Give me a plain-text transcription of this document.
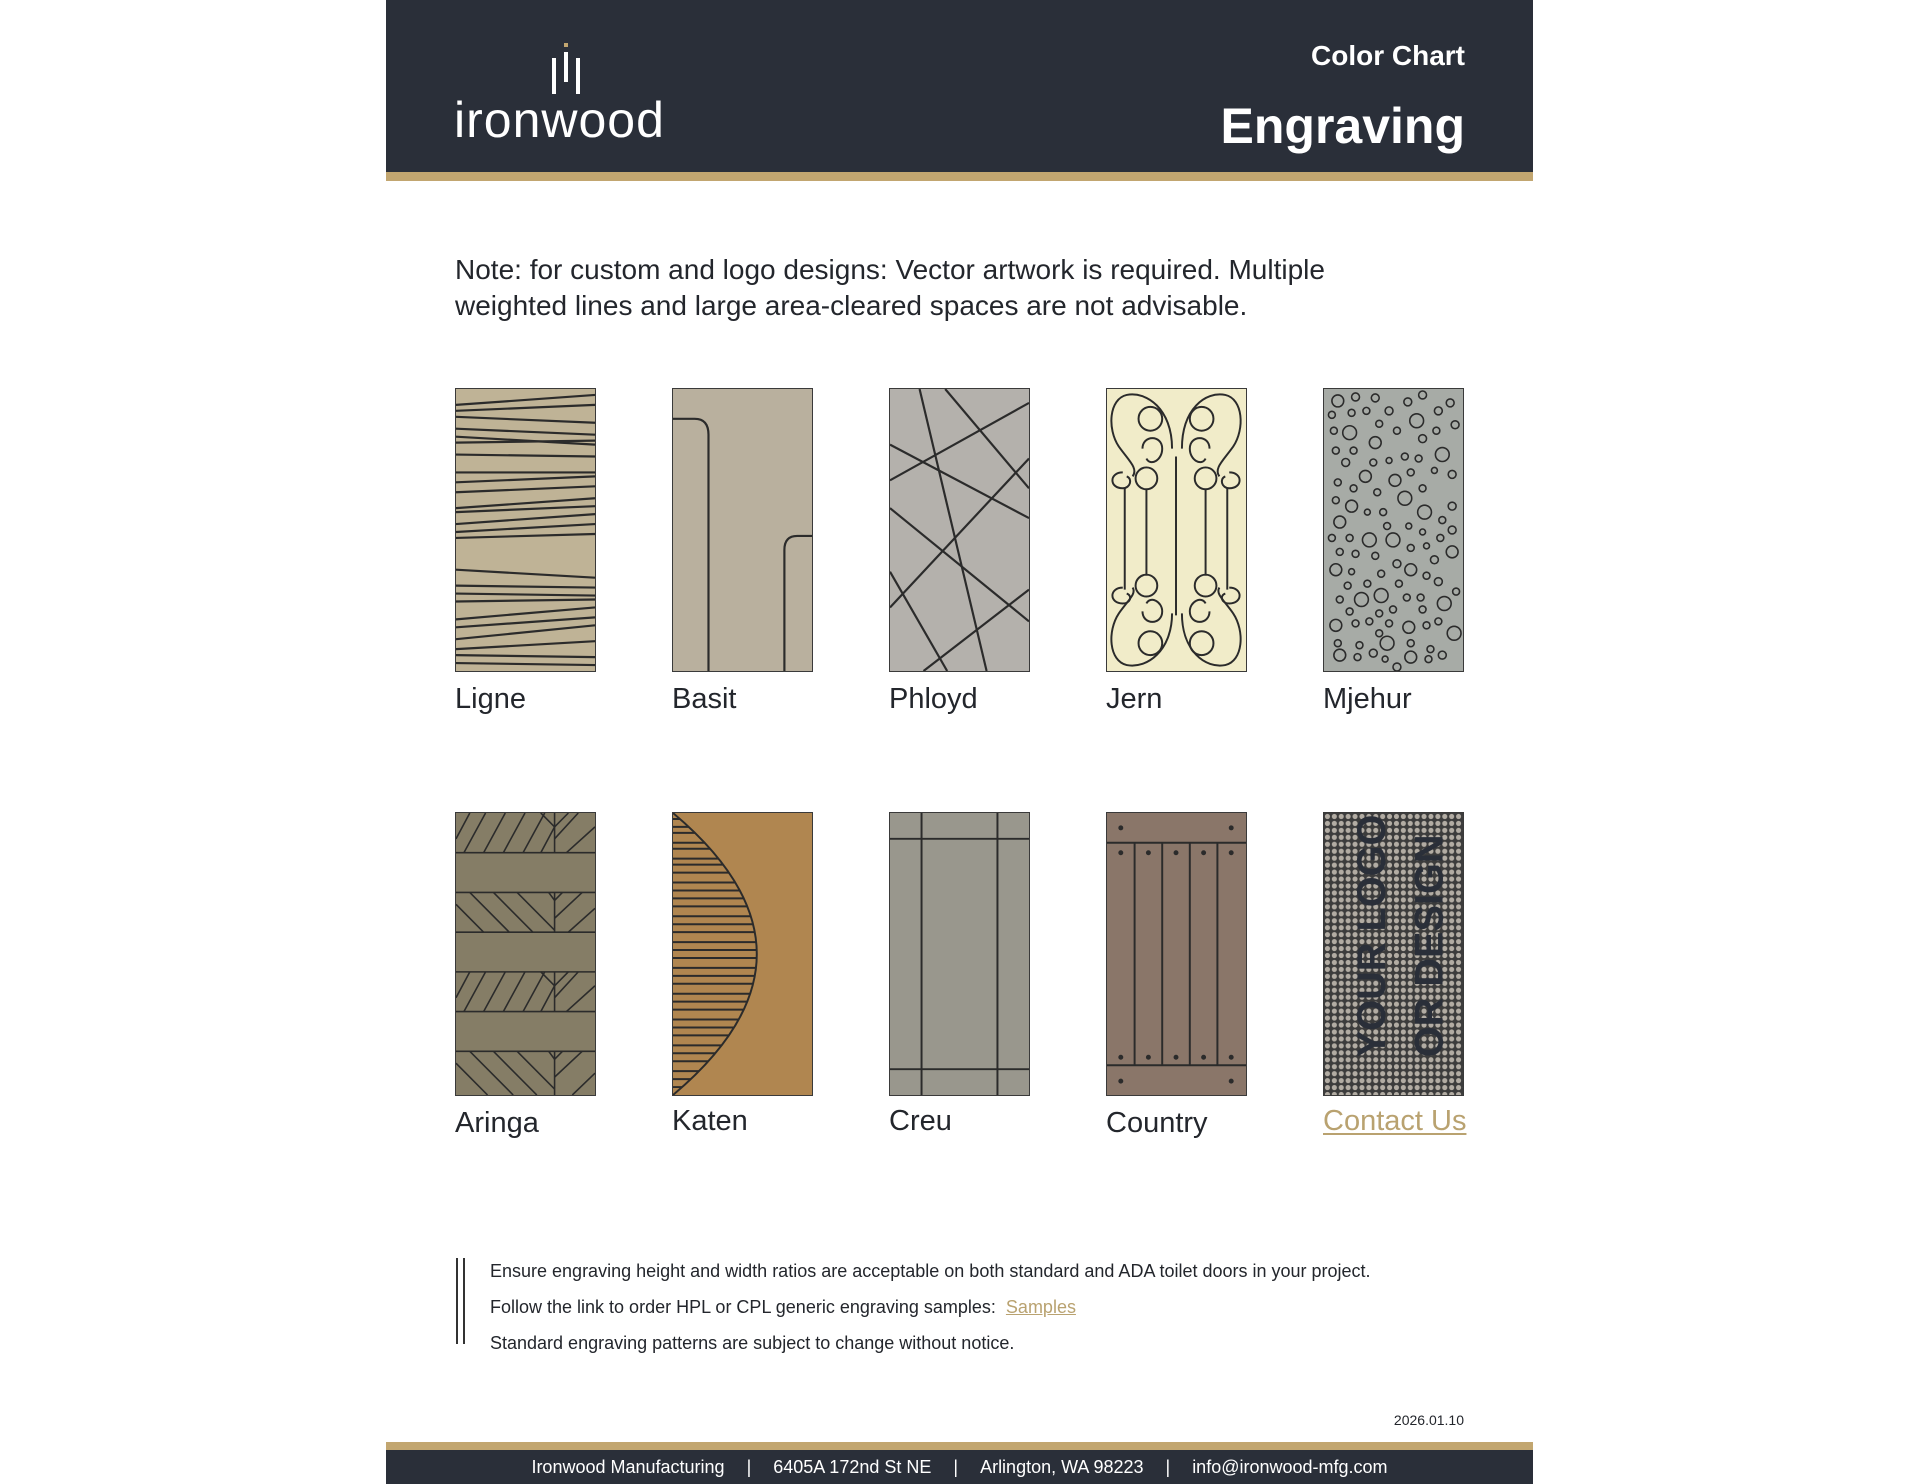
ironwood
Color Chart
Engraving
Note: for custom and logo designs: Vector artwork is required. Multiple weighted lines and large area-cleared spaces are not advisable.
Ligne	Basit	Phloyd	Jern	Mjehur
Aringa	Katen	Creu	Country
YOUR LOGO OR DESIGN
Contact Us
Ensure engraving height and width ratios are acceptable on both standard and ADA toilet doors in your project.
Follow the link to order HPL or CPL generic engraving samples: Samples
Standard engraving patterns are subject to change without notice.
2026.01.10
Ironwood Manufacturing | 6405A 172nd St NE | Arlington, WA 98223 | info@ironwood-mfg.com
